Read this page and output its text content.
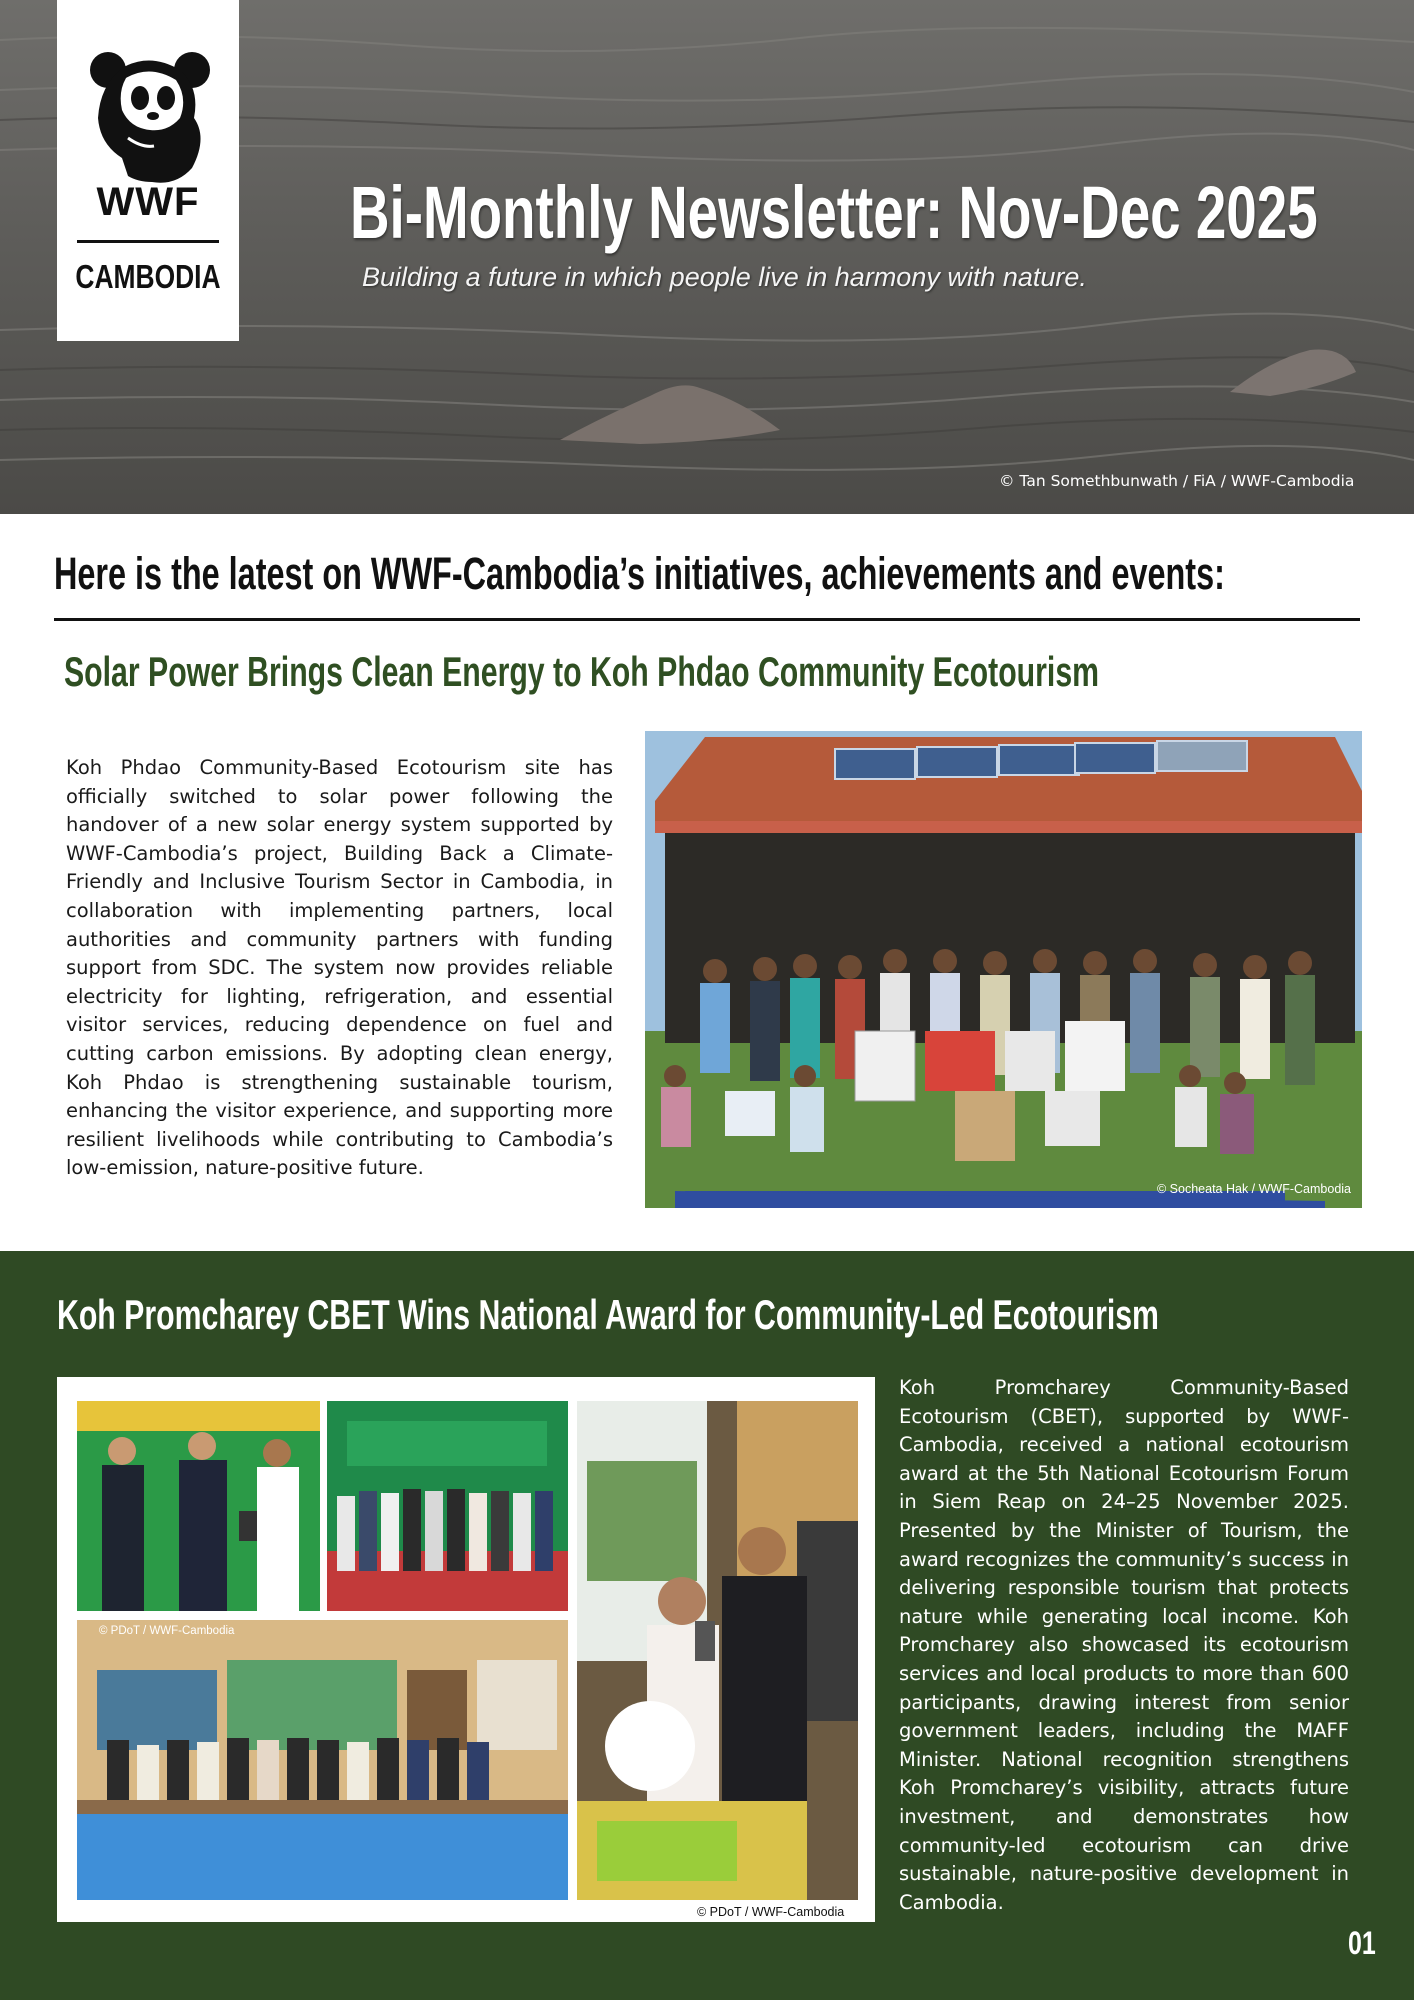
WWF
CAMBODIA
Bi-Monthly Newsletter: Nov-Dec 2025
Building a future in which people live in harmony with nature.
© Tan Somethbunwath / FiA / WWF-Cambodia
Here is the latest on WWF-Cambodia’s initiatives, achievements and events:
Solar Power Brings Clean Energy to Koh Phdao Community Ecotourism

Koh Phdao Community-Based Ecotourism site has officially switched to solar power following the handover of a new solar energy system supported by WWF-Cambodia’s project, Building Back a Climate-Friendly and Inclusive Tourism Sector in Cambodia, in collaboration with implementing partners, local authorities and community partners with funding support from SDC. The system now provides reliable electricity for lighting, refrigeration, and essential visitor services, reducing dependence on fuel and cutting carbon emissions. By adopting clean energy, Koh Phdao is strengthening sustainable tourism, enhancing the visitor experience, and supporting more resilient livelihoods while contributing to Cambodia’s low-emission, nature-positive future.

© Socheata Hak / WWF-Cambodia
Koh Promcharey CBET Wins National Award for Community-Led Ecotourism
© PDoT / WWF-Cambodia
© PDoT / WWF-Cambodia

Koh Promcharey Community-Based Ecotourism (CBET), supported by WWF-Cambodia, received a national ecotourism award at the 5th National Ecotourism Forum in Siem Reap on 24–25 November 2025. Presented by the Minister of Tourism, the award recognizes the community’s success in delivering responsible tourism that protects nature while generating local income. Koh Promcharey also showcased its ecotourism services and local products to more than 600 participants, drawing interest from senior government leaders, including the MAFF Minister. National recognition strengthens Koh Promcharey’s visibility, attracts future investment, and demonstrates how community-led ecotourism can drive sustainable, nature-positive development in Cambodia.

01
